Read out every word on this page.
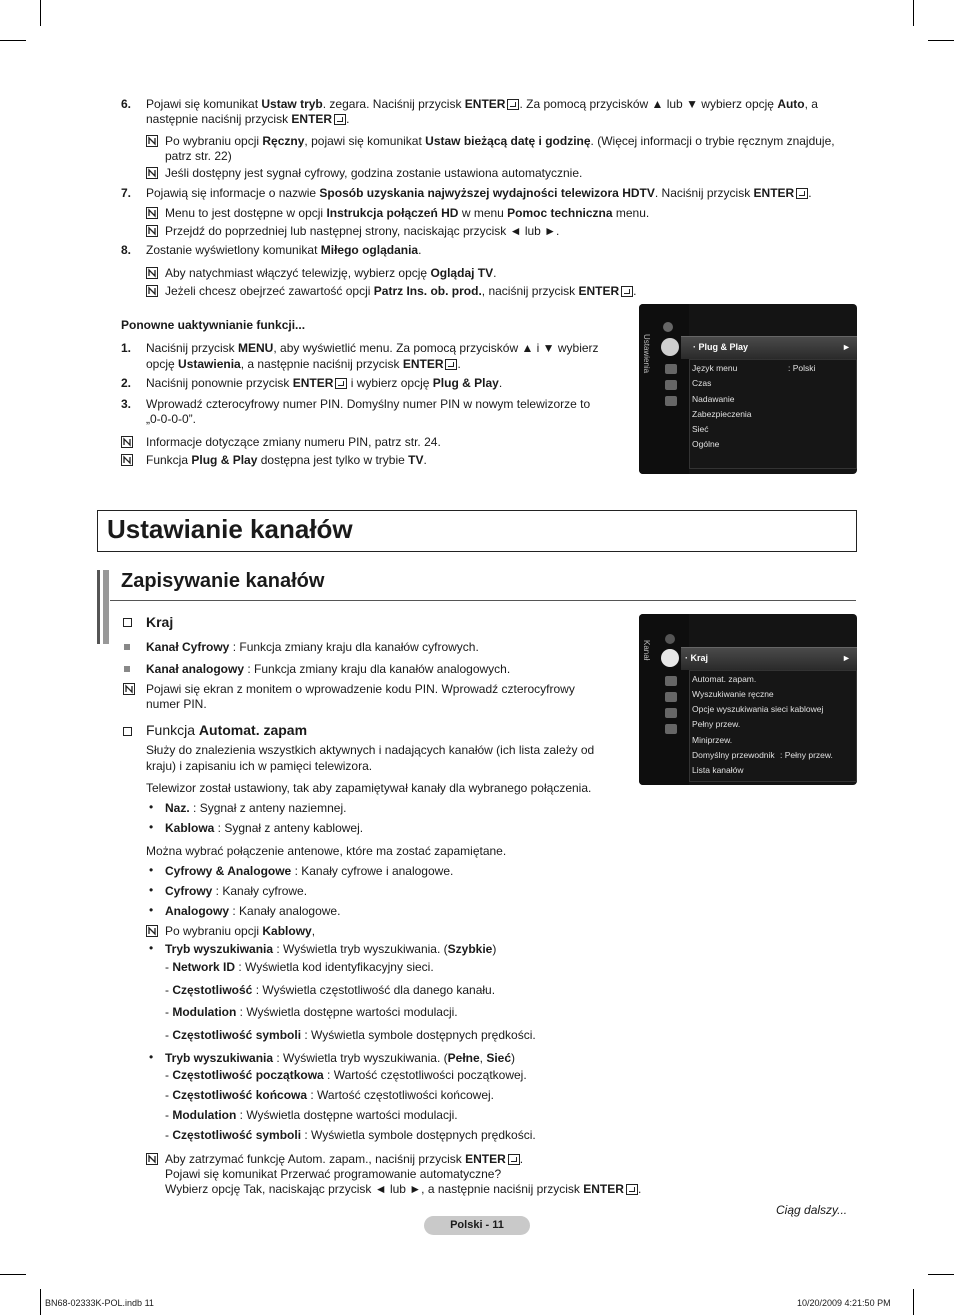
6. Pojawi się komunikat Ustaw tryb. zegara. Naciśnij przycisk ENTER . Za pomocą przycisków ▲ lub ▼ wybierz opcję Auto, a
następnie naciśnij przycisk ENTER .
Po wybraniu opcji Ręczny, pojawi się komunikat Ustaw bieżącą datę i godzinę. (Więcej informacji o trybie ręcznym znajduje,
patrz str. 22)
Jeśli dostępny jest sygnał cyfrowy, godzina zostanie ustawiona automatycznie.
7. Pojawią się informacje o nazwie Sposób uzyskania najwyższej wydajności telewizora HDTV. Naciśnij przycisk ENTER .
Menu to jest dostępne w opcji Instrukcja połączeń HD w menu Pomoc techniczna menu.
Przejdź do poprzedniej lub następnej strony, naciskając przycisk ◄ lub ►.
8. Zostanie wyświetlony komunikat Miłego oglądania.
Aby natychmiast włączyć telewizję, wybierz opcję Oglądaj TV.
Jeżeli chcesz obejrzeć zawartość opcji Patrz Ins. ob. prod., naciśnij przycisk ENTER .
Ponowne uaktywnianie funkcji...
1. Naciśnij przycisk MENU, aby wyświetlić menu. Za pomocą przycisków ▲ i ▼ wybierz
opcję Ustawienia, a następnie naciśnij przycisk ENTER .
2. Naciśnij ponownie przycisk ENTER i wybierz opcję Plug & Play.
3. Wprowadź czterocyfrowy numer PIN. Domyślny numer PIN w nowym telewizorze to
„0-0-0-0”.
Informacje dotyczące zmiany numeru PIN, patrz str. 24.
Funkcja Plug & Play dostępna jest tylko w trybie TV.
Ustawienia	· Plug & Play	►
Język menu	: Polski
Czas
Nadawanie
Zabezpieczenia
Sieć
Ogólne
Ustawianie kanałów
Zapisywanie kanałów
Kraj
Kanał Cyfrowy : Funkcja zmiany kraju dla kanałów cyfrowych.
Kanał analogowy : Funkcja zmiany kraju dla kanałów analogowych.
Pojawi się ekran z monitem o wprowadzenie kodu PIN. Wprowadź czterocyfrowy
numer PIN.
Funkcja Automat. zapam
Służy do znalezienia wszystkich aktywnych i nadających kanałów (ich lista zależy od
kraju) i zapisaniu ich w pamięci telewizora.
Telewizor został ustawiony, tak aby zapamiętywał kanały dla wybranego połączenia.
• Naz. : Sygnał z anteny naziemnej.
• Kablowa : Sygnał z anteny kablowej.
Można wybrać połączenie antenowe, które ma zostać zapamiętane.
• Cyfrowy & Analogowe : Kanały cyfrowe i analogowe.
• Cyfrowy : Kanały cyfrowe.
• Analogowy : Kanały analogowe.
Po wybraniu opcji Kablowy,
• Tryb wyszukiwania : Wyświetla tryb wyszukiwania. (Szybkie)
- Network ID : Wyświetla kod identyfikacyjny sieci.
- Częstotliwość : Wyświetla częstotliwość dla danego kanału.
- Modulation : Wyświetla dostępne wartości modulacji.
- Częstotliwość symboli : Wyświetla symbole dostępnych prędkości.
• Tryb wyszukiwania : Wyświetla tryb wyszukiwania. (Pełne, Sieć)
- Częstotliwość początkowa : Wartość częstotliwości początkowej.
- Częstotliwość końcowa : Wartość częstotliwości końcowej.
- Modulation : Wyświetla dostępne wartości modulacji.
- Częstotliwość symboli : Wyświetla symbole dostępnych prędkości.
Aby zatrzymać funkcję Autom. zapam., naciśnij przycisk ENTER .
Pojawi się komunikat Przerwać programowanie automatyczne?
Wybierz opcję Tak, naciskając przycisk ◄ lub ►, a następnie naciśnij przycisk ENTER .
Kanał	· Kraj	►
Automat. zapam.
Wyszukiwanie ręczne
Opcje wyszukiwania sieci kablowej
Pełny przew.
Miniprzew.
Domyślny przewodnik : Pełny przew.
Lista kanałów
Ciąg dalszy...
Polski - 11
BN68-02333K-POL.indb 11	10/20/2009 4:21:50 PM
